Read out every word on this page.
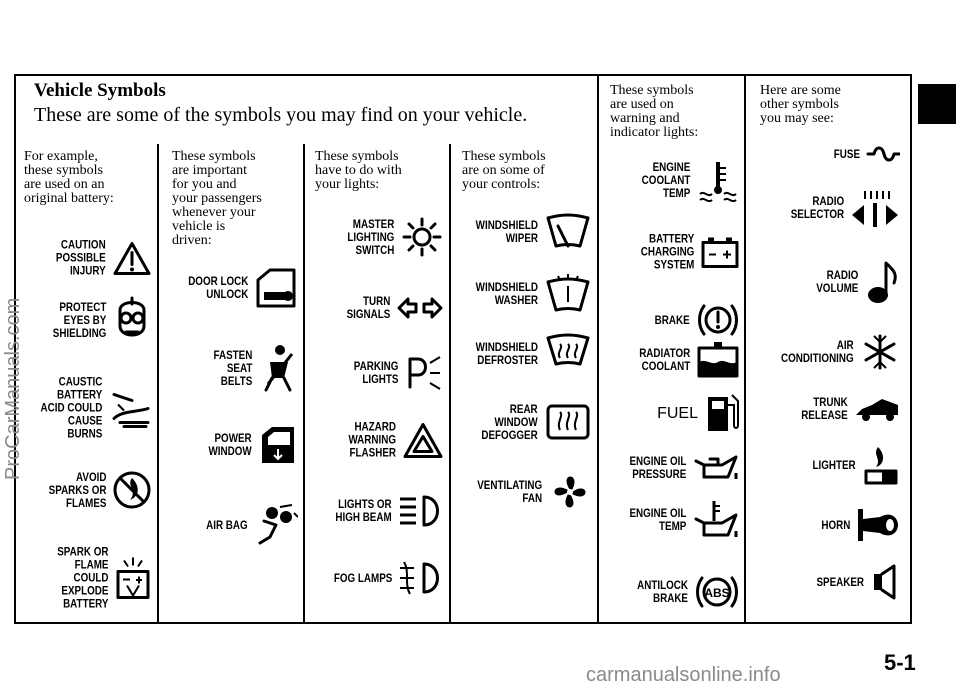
Vehicle Symbols
These are some of the symbols you may find on your vehicle.
For example,
these symbols
are used on an
original battery:
CAUTION
POSSIBLE
INJURY
PROTECT
EYES BY
SHIELDING
CAUSTIC
BATTERY
ACID COULD
CAUSE
BURNS
AVOID
SPARKS OR
FLAMES
SPARK OR
FLAME
COULD
EXPLODE
BATTERY
These symbols
are important
for you and
your passengers
whenever your
vehicle is
driven:
DOOR LOCK
UNLOCK
FASTEN
SEAT
BELTS
POWER
WINDOW
AIR BAG
These symbols
have to do with
your lights:
MASTER
LIGHTING
SWITCH
TURN
SIGNALS
PARKING
LIGHTS
HAZARD
WARNING
FLASHER
LIGHTS OR
HIGH BEAM
FOG LAMPS
These symbols
are on some of
your controls:
WINDSHIELD
WIPER
WINDSHIELD
WASHER
WINDSHIELD
DEFROSTER
REAR
WINDOW
DEFOGGER
VENTILATING
FAN
These symbols
are used on
warning and
indicator lights:
ENGINE
COOLANT
TEMP
BATTERY
CHARGING
SYSTEM
BRAKE
RADIATOR
COOLANT
FUEL
ENGINE OIL
PRESSURE
ENGINE OIL
TEMP
ANTILOCK
BRAKE ABS
Here are some
other symbols
you may see:
FUSE
RADIO
SELECTOR
RADIO
VOLUME
AIR
CONDITIONING
TRUNK
RELEASE
LIGHTER
HORN
SPEAKER
5-1
ProCarManuals.com
carmanualsonline.info
